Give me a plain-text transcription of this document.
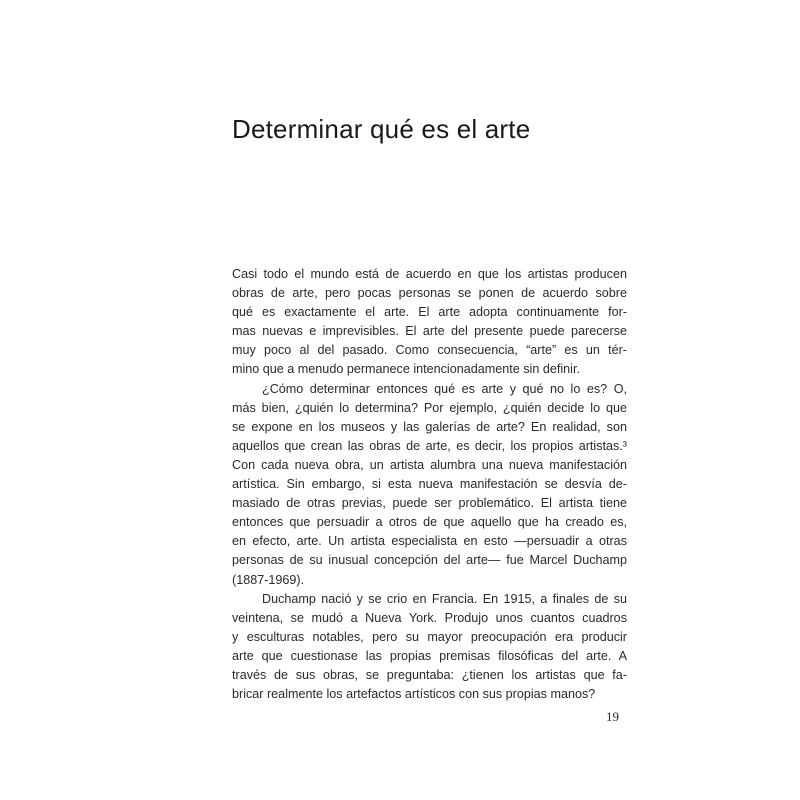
Determinar qué es el arte
Casi todo el mundo está de acuerdo en que los artistas producen
obras de arte, pero pocas personas se ponen de acuerdo sobre
qué es exactamente el arte. El arte adopta continuamente for-
mas nuevas e imprevisibles. El arte del presente puede parecerse
muy poco al del pasado. Como consecuencia, “arte” es un tér-
mino que a menudo permanece intencionadamente sin definir.
¿Cómo determinar entonces qué es arte y qué no lo es? O,
más bien, ¿quién lo determina? Por ejemplo, ¿quién decide lo que
se expone en los museos y las galerías de arte? En realidad, son
aquellos que crean las obras de arte, es decir, los propios artistas.³
Con cada nueva obra, un artista alumbra una nueva manifestación
artística. Sin embargo, si esta nueva manifestación se desvía de-
masiado de otras previas, puede ser problemático. El artista tiene
entonces que persuadir a otros de que aquello que ha creado es,
en efecto, arte. Un artista especialista en esto —persuadir a otras
personas de su inusual concepción del arte— fue Marcel Duchamp
(1887-1969).
Duchamp nació y se crio en Francia. En 1915, a finales de su
veintena, se mudó a Nueva York. Produjo unos cuantos cuadros
y esculturas notables, pero su mayor preocupación era producir
arte que cuestionase las propias premisas filosóficas del arte. A
través de sus obras, se preguntaba: ¿tienen los artistas que fa-
bricar realmente los artefactos artísticos con sus propias manos?
19
